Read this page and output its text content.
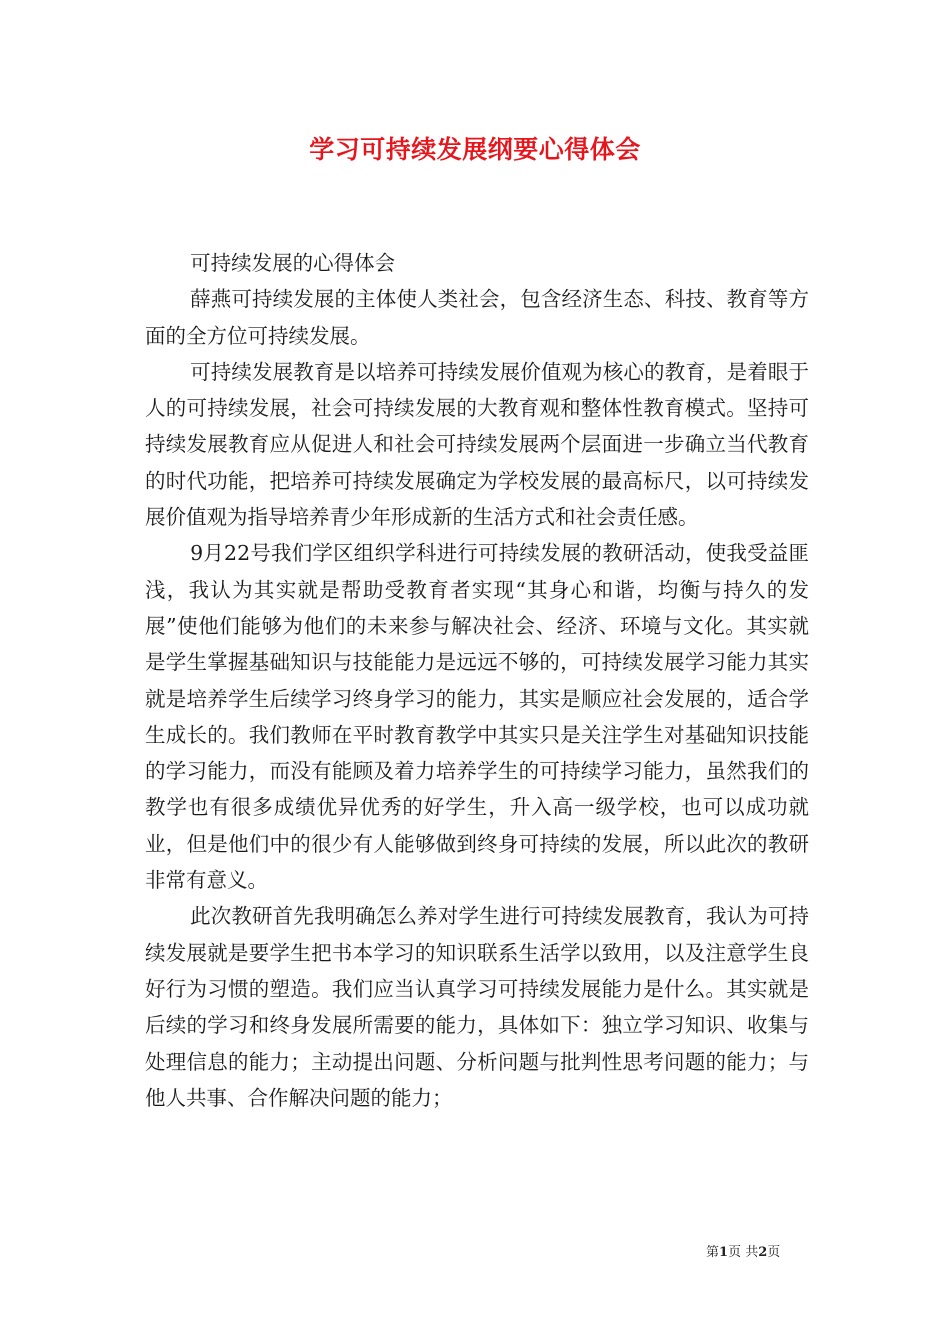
学习可持续发展纲要心得体会

可持续发展的心得体会

薛燕可持续发展的主体使人类社会，包含经济生态、科技、教育等方面的全方位可持续发展。

可持续发展教育是以培养可持续发展价值观为核心的教育，是着眼于人的可持续发展，社会可持续发展的大教育观和整体性教育模式。坚持可持续发展教育应从促进人和社会可持续发展两个层面进一步确立当代教育的时代功能，把培养可持续发展确定为学校发展的最高标尺，以可持续发展价值观为指导培养青少年形成新的生活方式和社会责任感。

9月22号我们学区组织学科进行可持续发展的教研活动，使我受益匪浅，我认为其实就是帮助受教育者实现“其身心和谐，均衡与持久的发展”使他们能够为他们的未来参与解决社会、经济、环境与文化。其实就是学生掌握基础知识与技能能力是远远不够的，可持续发展学习能力其实就是培养学生后续学习终身学习的能力，其实是顺应社会发展的，适合学生成长的。我们教师在平时教育教学中其实只是关注学生对基础知识技能的学习能力，而没有能顾及着力培养学生的可持续学习能力，虽然我们的教学也有很多成绩优异优秀的好学生，升入高一级学校，也可以成功就业，但是他们中的很少有人能够做到终身可持续的发展，所以此次的教研非常有意义。

此次教研首先我明确怎么养对学生进行可持续发展教育，我认为可持续发展就是要学生把书本学习的知识联系生活学以致用，以及注意学生良好行为习惯的塑造。我们应当认真学习可持续发展能力是什么。其实就是后续的学习和终身发展所需要的能力，具体如下：独立学习知识、收集与处理信息的能力；主动提出问题、分析问题与批判性思考问题的能力；与他人共事、合作解决问题的能力；

第1页 共2页
